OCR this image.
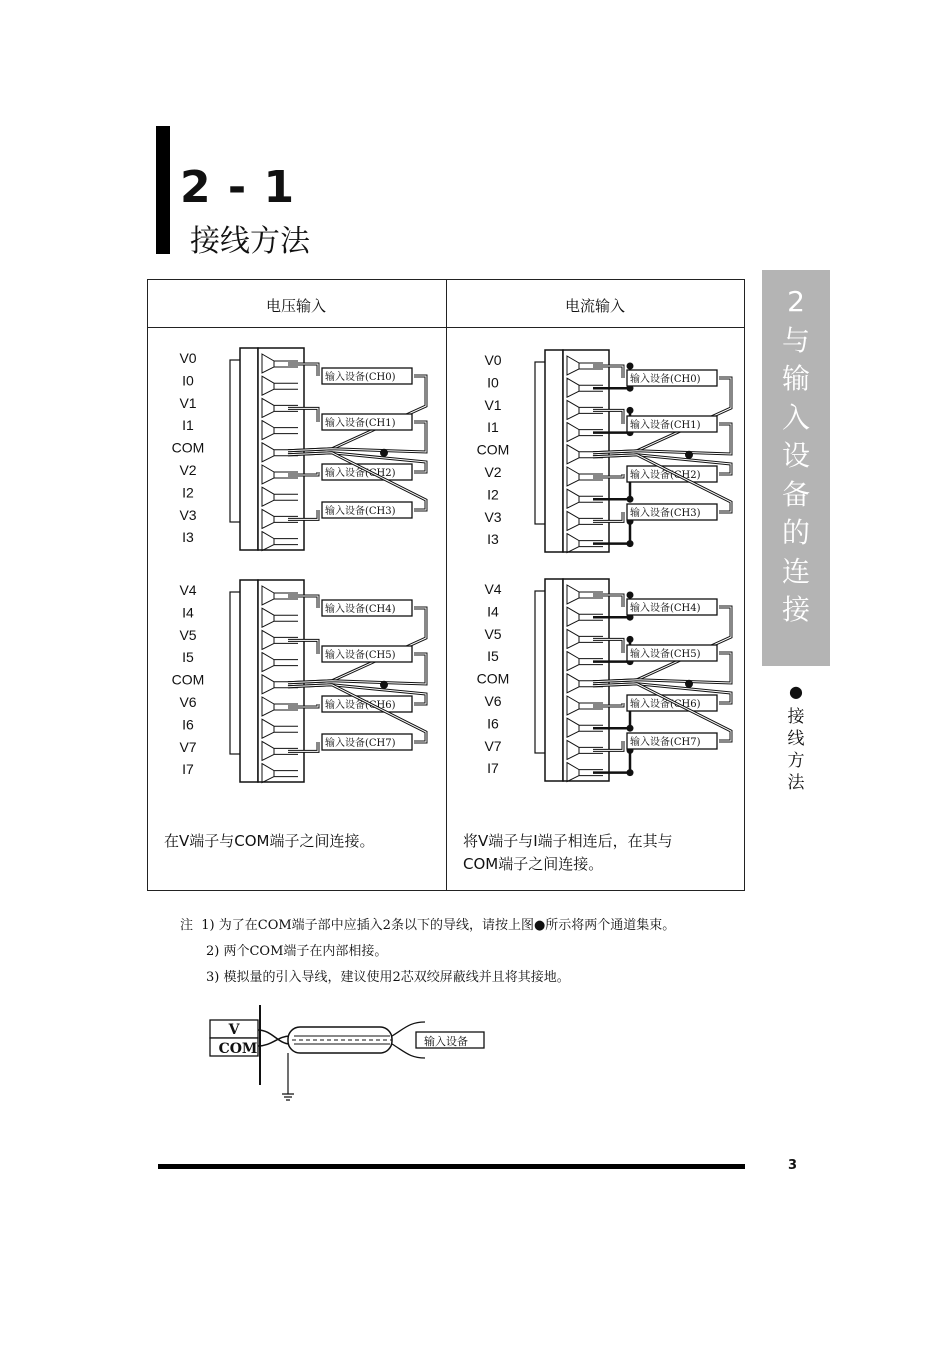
2 - 1
接线方法
2
与
输
入
设
备
的
连
接
●
接
线
方
法
电压输入	电流输入
V0
I0
V1
I1
COM
V2
I2
V3
I3
输入设备(CH0)
输入设备(CH1)
输入设备(CH2)
输入设备(CH3)
V4
I4
V5
I5
COM
V6
I6
V7
I7
输入设备(CH4)
输入设备(CH5)
输入设备(CH6)
输入设备(CH7)
V0
I0
V1
I1
COM
V2
I2
V3
I3
输入设备(CH0)
输入设备(CH1)
输入设备(CH2)
输入设备(CH3)
V4
I4
V5
I5
COM
V6
I6
V7
I7
输入设备(CH4)
输入设备(CH5)
输入设备(CH6)
输入设备(CH7)
V
COM	输入设备
在V端子与COM端子之间连接。	将V端子与I端子相连后，在其与
COM端子之间连接。
注 1) 为了在COM端子部中应插入2条以下的导线，请按上图●所示将两个通道集束。
2) 两个COM端子在内部相接。
3) 模拟量的引入导线，建议使用2芯双绞屏蔽线并且将其接地。
3
